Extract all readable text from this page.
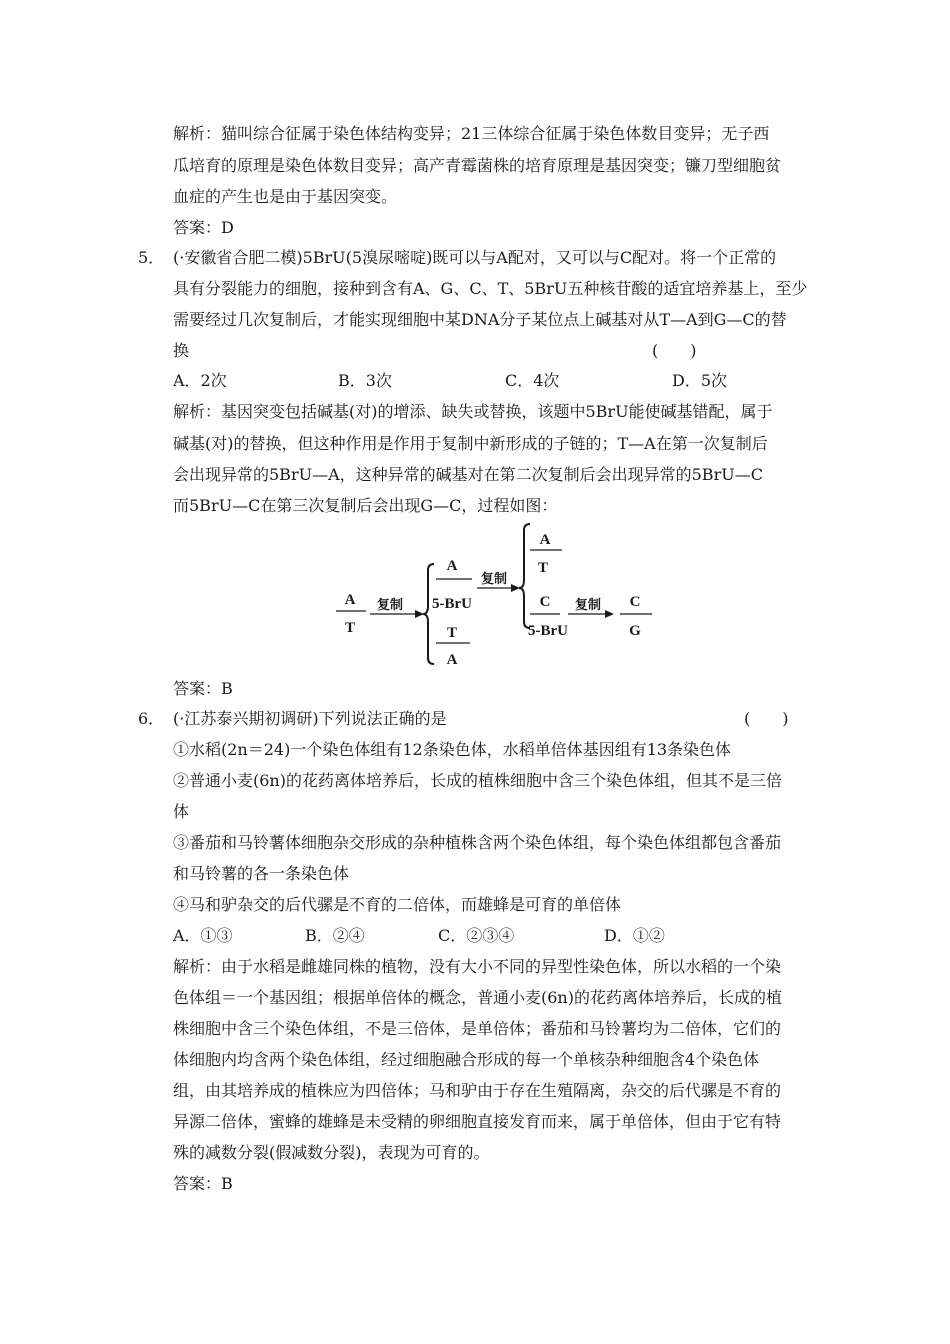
解析：猫叫综合征属于染色体结构变异；21三体综合征属于染色体数目变异；无子西
瓜培育的原理是染色体数目变异；高产青霉菌株的培育原理是基因突变；镰刀型细胞贫
血症的产生也是由于基因突变。
答案：D
5． (·安徽省合肥二模)5BrU(5溴尿嘧啶)既可以与A配对，又可以与C配对。将一个正常的
具有分裂能力的细胞，接种到含有A、G、C、T、5BrU五种核苷酸的适宜培养基上，至少
需要经过几次复制后，才能实现细胞中某DNA分子某位点上碱基对从T—A到G—C的替
换	(　　)
A．2次	B．3次	C．4次	D．5次
解析：基因突变包括碱基(对)的增添、缺失或替换，该题中5BrU能使碱基错配，属于
碱基(对)的替换，但这种作用是作用于复制中新形成的子链的；T—A在第一次复制后
会出现异常的5BrU—A，这种异常的碱基对在第二次复制后会出现异常的5BrU—C
而5BrU—C在第三次复制后会出现G—C，过程如图：
A
T
复制
A
5-BrU
T
A
复制
A
T
C
5-BrU
复制 C
G
答案：B
6． (·江苏泰兴期初调研)下列说法正确的是	(　　)
①水稻(2n＝24)一个染色体组有12条染色体，水稻单倍体基因组有13条染色体
②普通小麦(6n)的花药离体培养后，长成的植株细胞中含三个染色体组，但其不是三倍
体
③番茄和马铃薯体细胞杂交形成的杂种植株含两个染色体组，每个染色体组都包含番茄
和马铃薯的各一条染色体
④马和驴杂交的后代骡是不育的二倍体，而雄蜂是可育的单倍体
A．①③	B．②④	C．②③④	D．①②
解析：由于水稻是雌雄同株的植物，没有大小不同的异型性染色体，所以水稻的一个染
色体组＝一个基因组；根据单倍体的概念，普通小麦(6n)的花药离体培养后，长成的植
株细胞中含三个染色体组，不是三倍体，是单倍体；番茄和马铃薯均为二倍体，它们的
体细胞内均含两个染色体组，经过细胞融合形成的每一个单核杂种细胞含4个染色体
组，由其培养成的植株应为四倍体；马和驴由于存在生殖隔离，杂交的后代骡是不育的
异源二倍体，蜜蜂的雄蜂是未受精的卵细胞直接发育而来，属于单倍体，但由于它有特
殊的减数分裂(假减数分裂)，表现为可育的。
答案：B
